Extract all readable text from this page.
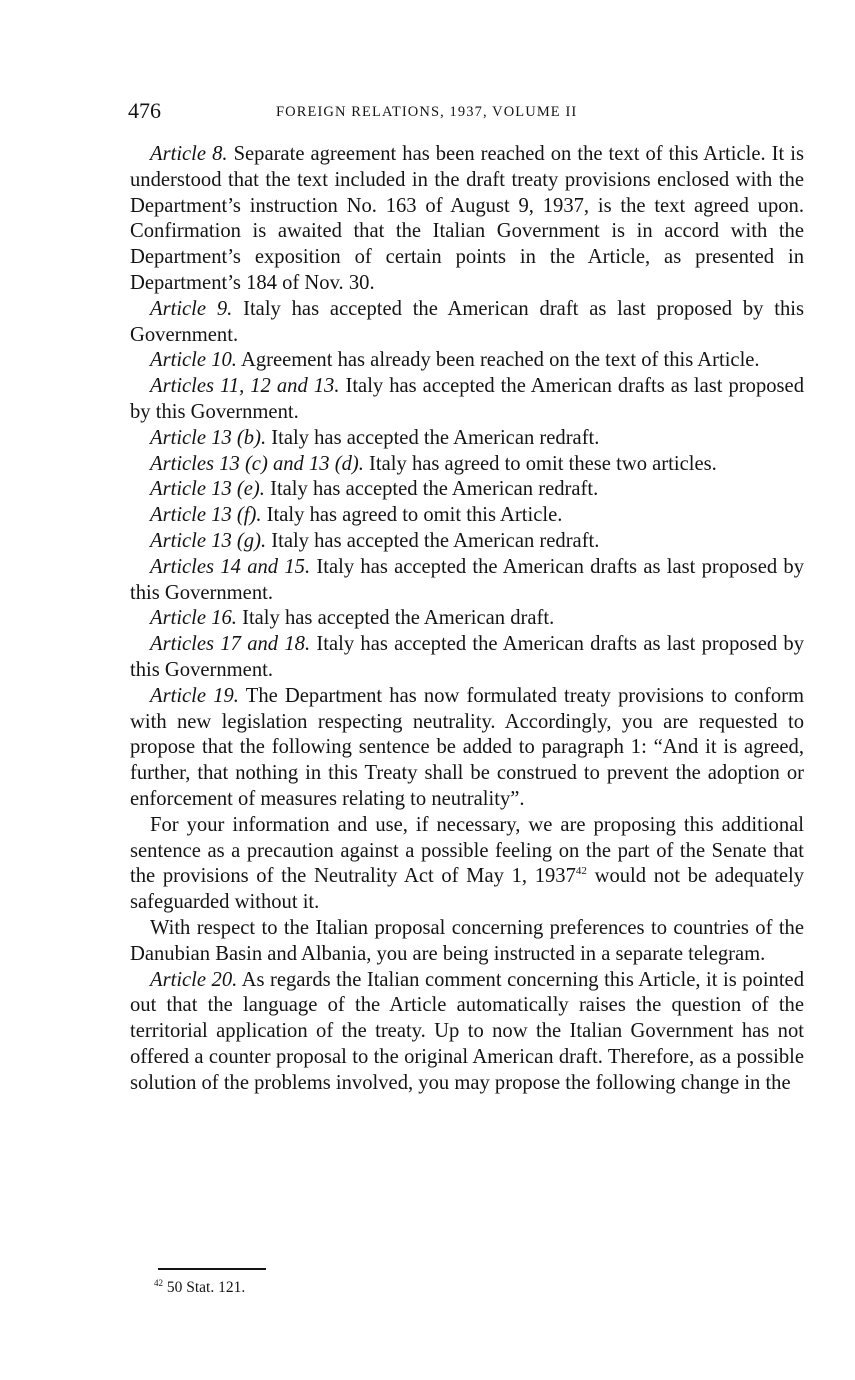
476	FOREIGN RELATIONS, 1937, VOLUME II

Article 8. Separate agreement has been reached on the text of this Article. It is understood that the text included in the draft treaty provisions enclosed with the Department’s instruction No. 163 of August 9, 1937, is the text agreed upon. Confirmation is awaited that the Italian Government is in accord with the Department’s exposition of certain points in the Article, as presented in Department’s 184 of Nov. 30.

Article 9. Italy has accepted the American draft as last proposed by this Government.

Article 10. Agreement has already been reached on the text of this Article.

Articles 11, 12 and 13. Italy has accepted the American drafts as last proposed by this Government.

Article 13 (b). Italy has accepted the American redraft.

Articles 13 (c) and 13 (d). Italy has agreed to omit these two articles.

Article 13 (e). Italy has accepted the American redraft.

Article 13 (f). Italy has agreed to omit this Article.

Article 13 (g). Italy has accepted the American redraft.

Articles 14 and 15. Italy has accepted the American drafts as last proposed by this Government.

Article 16. Italy has accepted the American draft.

Articles 17 and 18. Italy has accepted the American drafts as last proposed by this Government.

Article 19. The Department has now formulated treaty provisions to conform with new legislation respecting neutrality. Accordingly, you are requested to propose that the following sentence be added to paragraph 1: “And it is agreed, further, that nothing in this Treaty shall be construed to prevent the adoption or enforcement of measures relating to neutrality”.

For your information and use, if necessary, we are proposing this additional sentence as a precaution against a possible feeling on the part of the Senate that the provisions of the Neutrality Act of May 1, 1937$^{42}$ would not be adequately safeguarded without it.

With respect to the Italian proposal concerning preferences to countries of the Danubian Basin and Albania, you are being instructed in a separate telegram.

Article 20. As regards the Italian comment concerning this Article, it is pointed out that the language of the Article automatically raises the question of the territorial application of the treaty. Up to now the Italian Government has not offered a counter proposal to the original American draft. Therefore, as a possible solution of the problems involved, you may propose the following change in the

$^{42}$ 50 Stat. 121.
